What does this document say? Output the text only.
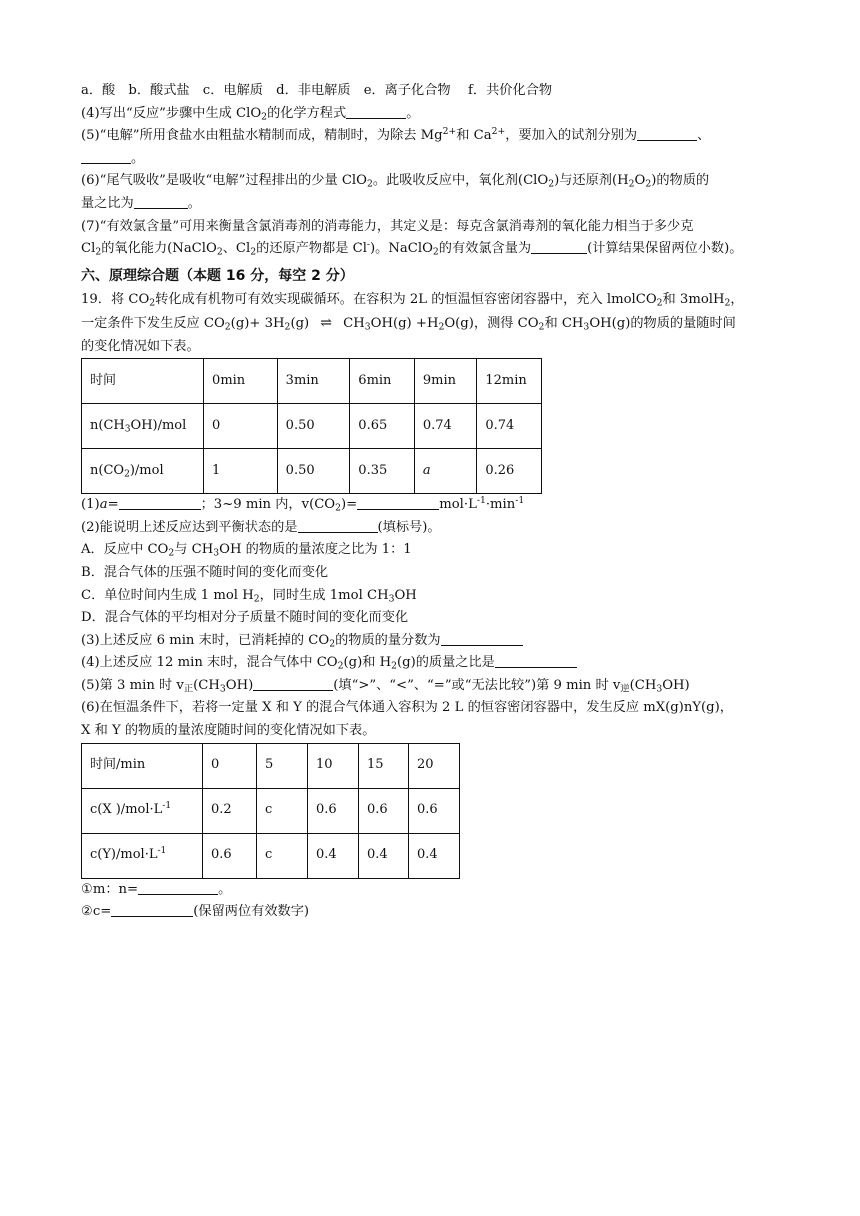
a．酸　b．酸式盐　c．电解质　d．非电解质　e．离子化合物　 f．共价化合物
(4)写出“反应”步骤中生成 ClO$_2$的化学方程式	。
(5)“电解”所用食盐水由粗盐水精制而成，精制时，为除去 $Mg^{2+}$和 $Ca^{2+}$，要加入的试剂分别为	、
。
(6)“尾气吸收”是吸收“电解”过程排出的少量 ClO$_2$。此吸收反应中，氧化剂(ClO$_2$)与还原剂$(H_2O_2)$的物质的
量之比为	。
(7)“有效氯含量”可用来衡量含氯消毒剂的消毒能力，其定义是：每克含氯消毒剂的氧化能力相当于多少克
$Cl_2$的氧化能力(NaClO$_2$、$Cl_2$的还原产物都是 Cl-)。NaClO$_2$的有效氯含量为	(计算结果保留两位小数)。
六、原理综合题（本题 16 分，每空 2 分）
19．将 $CO_2$转化成有机物可有效实现碳循环。在容积为 2L 的恒温恒容密闭容器中，充入 lmolCO$_2$和 3molH$_2$，
一定条件下发生反应 $CO_2(g)+ 3H_2(g)$ ⇌ $CH_3OH(g) +H_2O(g)$，测得 $CO_2$和 $CH_3OH(g)$的物质的量随时间
的变化情况如下表。
时间	0min	3min	6min	9min	12min
$n(CH_3OH)$/mol	0	0.50	0.65	0.74	0.74
$n(CO_2)$/mol	1	0.50	0.35	a	0.26
(1)a=	；3~9 min 内，$v(CO_2)=$	$mol\cdot L^{-1}\cdot\min^{-1}$
(2)能说明上述反应达到平衡状态的是	(填标号)。
A．反应中 $CO_2$与 $CH_3OH$ 的物质的量浓度之比为 1：1
B．混合气体的压强不随时间的变化而变化
C．单位时间内生成 1 mol $H_2$，同时生成 1mol $CH_3OH$
D．混合气体的平均相对分子质量不随时间的变化而变化
(3)上述反应 6 min 末时，已消耗掉的 $CO_2$的物质的量分数为
(4)上述反应 12 min 末时，混合气体中 $CO_2(g)$和 $H_2(g)$的质量之比是
(5)第 3 min 时 $v_正(CH_3OH)$	(填“>”、“<”、“=”或“无法比较”)第 9 min 时 $v_逆(CH_3OH)$
(6)在恒温条件下，若将一定量 X 和 Y 的混合气体通入容积为 2 L 的恒容密闭容器中，发生反应 mX(g)nY(g)，
X 和 Y 的物质的量浓度随时间的变化情况如下表。
时间/min	0	5	10	15	20
c(X )$/mol\cdot L^{-1}$	0.2	c	0.6	0.6	0.6
$c(Y)/mol\cdot L^{-1}$	0.6	c	0.4	0.4	0.4
①m：n=	。
②c=	(保留两位有效数字)
